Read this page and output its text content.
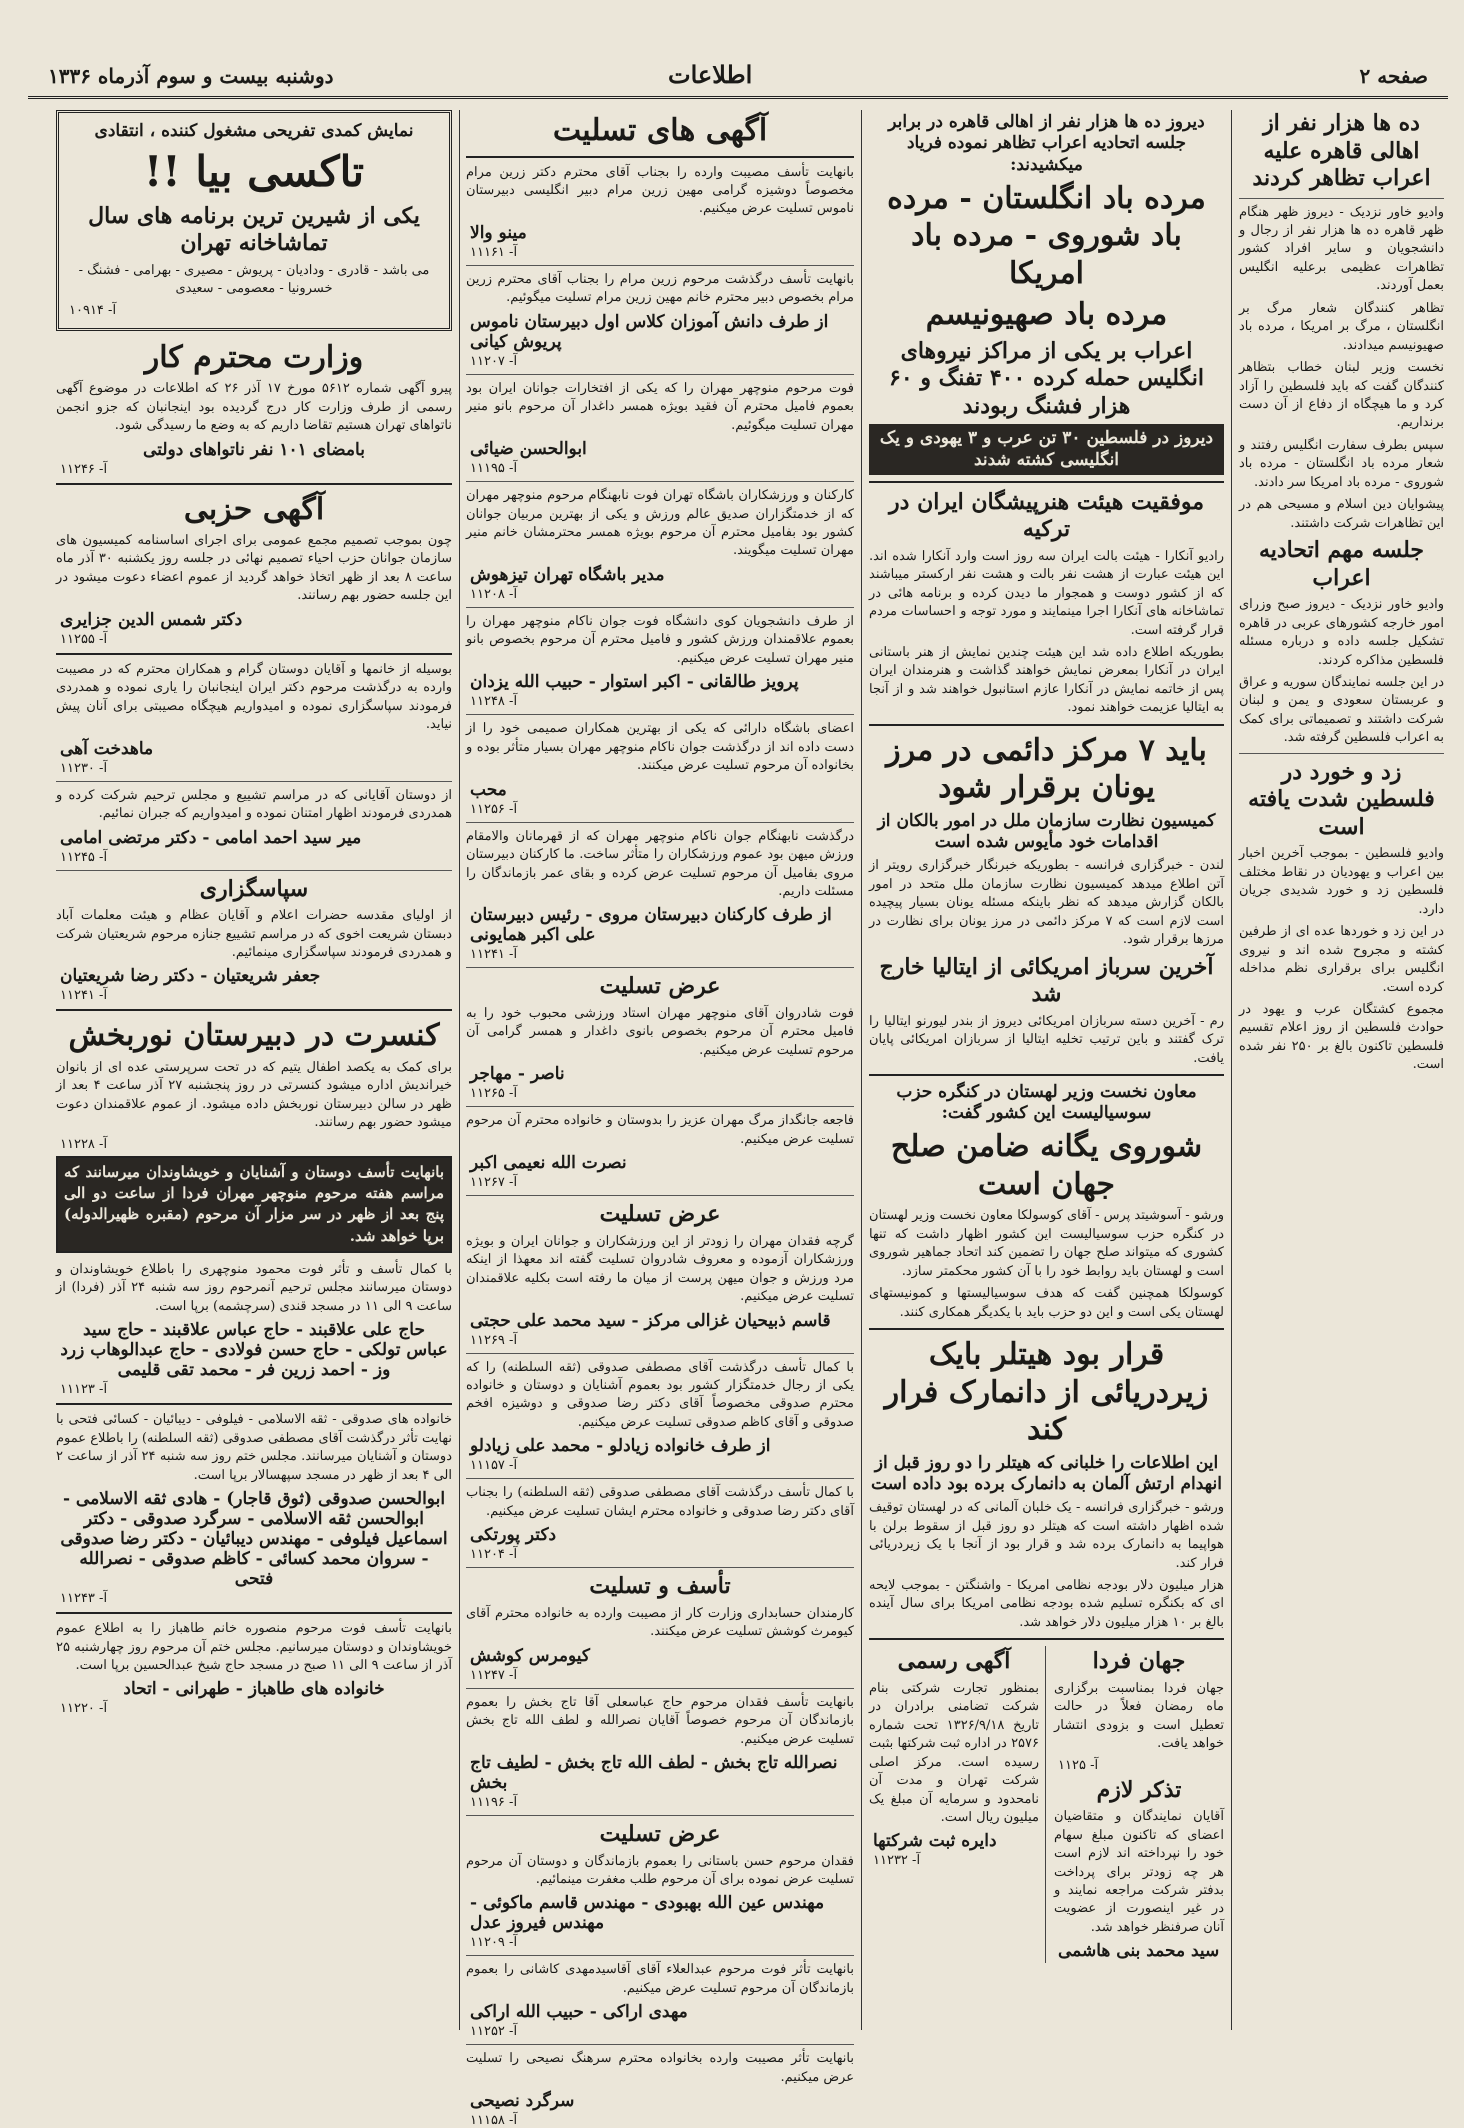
صفحه ۲
اطلاعات
دوشنبه بیست و سوم آذرماه ۱۳۳۶
ده ها هزار نفر از اهالی قاهره علیه اعراب تظاهر کردند

وادیو خاور نزدیک - دیروز ظهر هنگام ظهر قاهره ده ها هزار نفر از رجال و دانشجویان و سایر افراد کشور تظاهرات عظیمی برعلیه انگلیس بعمل آوردند.

تظاهر کنندگان شعار مرگ بر انگلستان ، مرگ بر امریکا ، مرده باد صهیونیسم میدادند.

نخست وزیر لبنان خطاب بتظاهر کنندگان گفت که باید فلسطین را آزاد کرد و ما هیچگاه از دفاع از آن دست برنداریم.

سپس بطرف سفارت انگلیس رفتند و شعار مرده باد انگلستان - مرده باد شوروی - مرده باد امریکا سر دادند.

پیشوایان دین اسلام و مسیحی هم در این تظاهرات شرکت داشتند.

جلسه مهم اتحادیه اعراب

وادیو خاور نزدیک - دیروز صبح وزرای امور خارجه کشورهای عربی در قاهره تشکیل جلسه داده و درباره مسئله فلسطین مذاکره کردند.

در این جلسه نمایندگان سوریه و عراق و عربستان سعودی و یمن و لبنان شرکت داشتند و تصمیماتی برای کمک به اعراب فلسطین گرفته شد.

زد و خورد در فلسطین شدت یافته است

وادیو فلسطین - بموجب آخرین اخبار بین اعراب و یهودیان در نقاط مختلف فلسطین زد و خورد شدیدی جریان دارد.

در این زد و خوردها عده ای از طرفین کشته و مجروح شده اند و نیروی انگلیس برای برقراری نظم مداخله کرده است.

مجموع کشتگان عرب و یهود در حوادث فلسطین از روز اعلام تقسیم فلسطین تاکنون بالغ بر ۲۵۰ نفر شده است.

دیروز ده ها هزار نفر از اهالی قاهره در برابر جلسه اتحادیه اعراب تظاهر نموده فریاد میکشیدند:
مرده باد انگلستان - مرده باد شوروی - مرده باد امریکا
مرده باد صهیونیسم
اعراب بر یکی از مراکز نیروهای انگلیس حمله کرده ۴۰۰ تفنگ و ۶۰ هزار فشنگ ربودند
دیروز در فلسطین ۳۰ تن عرب و ۳ یهودی و یک انگلیسی کشته شدند
موفقیت هیئت هنرپیشگان ایران در ترکیه

رادیو آنکارا - هیئت بالت ایران سه روز است وارد آنکارا شده اند. این هیئت عبارت از هشت نفر بالت و هشت نفر ارکستر میباشند که از کشور دوست و همجوار ما دیدن کرده و برنامه هائی در تماشاخانه های آنکارا اجرا مینمایند و مورد توجه و احساسات مردم قرار گرفته است.

بطوریکه اطلاع داده شد این هیئت چندین نمایش از هنر باستانی ایران در آنکارا بمعرض نمایش خواهند گذاشت و هنرمندان ایران پس از خاتمه نمایش در آنکارا عازم استانبول خواهند شد و از آنجا به ایتالیا عزیمت خواهند نمود.

باید ۷ مرکز دائمی در مرز یونان برقرار شود
کمیسیون نظارت سازمان ملل در امور بالکان از اقدامات خود مأیوس شده است

لندن - خبرگزاری فرانسه - بطوریکه خبرنگار خبرگزاری رویتر از آتن اطلاع میدهد کمیسیون نظارت سازمان ملل متحد در امور بالکان گزارش میدهد که نظر باینکه مسئله یونان بسیار پیچیده است لازم است که ۷ مرکز دائمی در مرز یونان برای نظارت در مرزها برقرار شود.

آخرین سرباز امریکائی از ایتالیا خارج شد

رم - آخرین دسته سربازان امریکائی دیروز از بندر لیورنو ایتالیا را ترک گفتند و باین ترتیب تخلیه ایتالیا از سربازان امریکائی پایان یافت.

معاون نخست وزیر لهستان در کنگره حزب سوسیالیست این کشور گفت:
شوروی یگانه ضامن صلح جهان است

ورشو - آسوشیتد پرس - آقای کوسولکا معاون نخست وزیر لهستان در کنگره حزب سوسیالیست این کشور اظهار داشت که تنها کشوری که میتواند صلح جهان را تضمین کند اتحاد جماهیر شوروی است و لهستان باید روابط خود را با آن کشور محکمتر سازد.

کوسولکا همچنین گفت که هدف سوسیالیستها و کمونیستهای لهستان یکی است و این دو حزب باید با یکدیگر همکاری کنند.

قرار بود هیتلر بایک زیردریائی از دانمارک فرار کند
این اطلاعات را خلبانی که هیتلر را دو روز قبل از انهدام ارتش آلمان به دانمارک برده بود داده است

ورشو - خبرگزاری فرانسه - یک خلبان آلمانی که در لهستان توقیف شده اظهار داشته است که هیتلر دو روز قبل از سقوط برلن با هواپیما به دانمارک برده شد و قرار بود از آنجا با یک زیردریائی فرار کند.

هزار میلیون دلار بودجه نظامی امریکا - واشنگتن - بموجب لایحه ای که بکنگره تسلیم شده بودجه نظامی امریکا برای سال آینده بالغ بر ۱۰ هزار میلیون دلار خواهد شد.

جهان فردا

جهان فردا بمناسبت برگزاری ماه رمضان فعلاً در حالت تعطیل است و بزودی انتشار خواهد یافت.

آ- ۱۱۲۵
تذکر لازم

آقایان نمایندگان و متقاضیان اعضای که تاکنون مبلغ سهام خود را نپرداخته اند لازم است هر چه زودتر برای پرداخت بدفتر شرکت مراجعه نمایند و در غیر اینصورت از عضویت آنان صرفنظر خواهد شد.

سید محمد بنی هاشمی
آگهی رسمی

بمنظور تجارت شرکتی بنام شرکت تضامنی برادران در تاریخ ۱۳۲۶/۹/۱۸ تحت شماره ۲۵۷۶ در اداره ثبت شرکتها بثبت رسیده است. مرکز اصلی شرکت تهران و مدت آن نامحدود و سرمایه آن مبلغ یک میلیون ریال است.

دایره ثبت شرکتها
آ- ۱۱۲۳۲
آگهی های تسلیت

بانهایت تأسف مصیبت وارده را بجناب آقای محترم دکتر زرین مرام مخصوصاً دوشیزه گرامی مهین زرین مرام دبیر انگلیسی دبیرستان ناموس تسلیت عرض میکنیم.

مینو والا
آ- ۱۱۱۶۱

بانهایت تأسف درگذشت مرحوم زرین مرام را بجناب آقای محترم زرین مرام بخصوص دبیر محترم خانم مهین زرین مرام تسلیت میگوئیم.

از طرف دانش آموزان کلاس اول دبیرستان ناموس پریوش کیانی
آ- ۱۱۲۰۷

فوت مرحوم منوچهر مهران را که یکی از افتخارات جوانان ایران بود بعموم فامیل محترم آن فقید بویژه همسر داغدار آن مرحوم بانو منیر مهران تسلیت میگوئیم.

ابوالحسن ضیائی
آ- ۱۱۱۹۵

کارکنان و ورزشکاران باشگاه تهران فوت نابهنگام مرحوم منوچهر مهران که از خدمتگزاران صدیق عالم ورزش و یکی از بهترین مربیان جوانان کشور بود بفامیل محترم آن مرحوم بویژه همسر محترمشان خانم منیر مهران تسلیت میگویند.

مدیر باشگاه تهران تیزهوش
آ- ۱۱۲۰۸

از طرف دانشجویان کوی دانشگاه فوت جوان ناکام منوچهر مهران را بعموم علاقمندان ورزش کشور و فامیل محترم آن مرحوم بخصوص بانو منیر مهران تسلیت عرض میکنیم.

پرویز طالقانی - اکبر استوار - حبیب الله یزدان
آ- ۱۱۲۴۸

اعضای باشگاه دارائی که یکی از بهترین همکاران صمیمی خود را از دست داده اند از درگذشت جوان ناکام منوچهر مهران بسیار متأثر بوده و بخانواده آن مرحوم تسلیت عرض میکنند.

محب
آ- ۱۱۲۵۶

درگذشت نابهنگام جوان ناکام منوچهر مهران که از قهرمانان والامقام ورزش میهن بود عموم ورزشکاران را متأثر ساخت. ما کارکنان دبیرستان مروی بفامیل آن مرحوم تسلیت عرض کرده و بقای عمر بازماندگان را مسئلت داریم.

از طرف کارکنان دبیرستان مروی - رئیس دبیرستان علی اکبر همایونی
آ- ۱۱۲۴۱
عرض تسلیت

فوت شادروان آقای منوچهر مهران استاد ورزشی محبوب خود را به فامیل محترم آن مرحوم بخصوص بانوی داغدار و همسر گرامی آن مرحوم تسلیت عرض میکنیم.

ناصر - مهاجر
آ- ۱۱۲۶۵

فاجعه جانگداز مرگ مهران عزیز را بدوستان و خانواده محترم آن مرحوم تسلیت عرض میکنیم.

نصرت الله نعیمی اکبر
آ- ۱۱۲۶۷
عرض تسلیت

گرچه فقدان مهران را زودتر از این ورزشکاران و جوانان ایران و بویژه ورزشکاران آزموده و معروف شادروان تسلیت گفته اند معهذا از اینکه مرد ورزش و جوان میهن پرست از میان ما رفته است بکلیه علاقمندان تسلیت عرض میکنیم.

قاسم ذبیحیان غزالی مرکز - سید محمد علی حجتی
آ- ۱۱۲۶۹

با کمال تأسف درگذشت آقای مصطفی صدوقی (ثقه السلطنه) را که یکی از رجال خدمتگزار کشور بود بعموم آشنایان و دوستان و خانواده محترم صدوقی مخصوصاً آقای دکتر رضا صدوقی و دوشیزه افخم صدوقی و آقای کاظم صدوقی تسلیت عرض میکنیم.

از طرف خانواده زیادلو - محمد علی زیادلو
آ- ۱۱۱۵۷

با کمال تأسف درگذشت آقای مصطفی صدوقی (ثقه السلطنه) را بجناب آقای دکتر رضا صدوقی و خانواده محترم ایشان تسلیت عرض میکنیم.

دکتر پورتکی
آ- ۱۱۲۰۴
تأسف و تسلیت

کارمندان حسابداری وزارت کار از مصیبت وارده به خانواده محترم آقای کیومرث کوشش تسلیت عرض میکنند.

کیومرس کوشش
آ- ۱۱۲۴۷

بانهایت تأسف فقدان مرحوم حاج عباسعلی آقا تاج بخش را بعموم بازماندگان آن مرحوم خصوصاً آقایان نصرالله و لطف الله تاج بخش تسلیت عرض میکنیم.

نصرالله تاج بخش - لطف الله تاج بخش - لطیف تاج بخش
آ- ۱۱۱۹۶
عرض تسلیت

فقدان مرحوم حسن باستانی را بعموم بازماندگان و دوستان آن مرحوم تسلیت عرض نموده برای آن مرحوم طلب مغفرت مینمائیم.

مهندس عین الله بهبودی - مهندس قاسم ماکوئی - مهندس فیروز عدل
آ- ۱۱۲۰۹

بانهایت تأثر فوت مرحوم عبدالعلاء آقای آقاسیدمهدی کاشانی را بعموم بازماندگان آن مرحوم تسلیت عرض میکنیم.

مهدی اراکی - حبیب الله اراکی
آ- ۱۱۲۵۲

بانهایت تأثر مصیبت وارده بخانواده محترم سرهنگ نصیحی را تسلیت عرض میکنیم.

سرگرد نصیحی
آ- ۱۱۱۵۸
نمایش کمدی تفریحی مشغول کننده ، انتقادی
تاکسی بیا !!
یکی از شیرین ترین برنامه های سال تماشاخانه تهران

می باشد - قادری - ودادیان - پریوش - مصیری - بهرامی - فشنگ - خسرونیا - معصومی - سعیدی

آ- ۱۰۹۱۴
وزارت محترم کار

پیرو آگهی شماره ۵۶۱۲ مورخ ۱۷ آذر ۲۶ که اطلاعات در موضوع آگهی رسمی از طرف وزارت کار درج گردیده بود اینجانبان که جزو انجمن ناتواهای تهران هستیم تقاضا داریم که به وضع ما رسیدگی شود.

بامضای ۱۰۱ نفر ناتواهای دولتی
آ- ۱۱۲۴۶
آگهی حزبی

چون بموجب تصمیم مجمع عمومی برای اجرای اساسنامه کمیسیون های سازمان جوانان حزب احیاء تصمیم نهائی در جلسه روز یکشنبه ۳۰ آذر ماه ساعت ۸ بعد از ظهر اتخاذ خواهد گردید از عموم اعضاء دعوت میشود در این جلسه حضور بهم رسانند.

دکتر شمس الدین جزایری
آ- ۱۱۲۵۵

بوسیله از خانمها و آقایان دوستان گرام و همکاران محترم که در مصیبت وارده به درگذشت مرحوم دکتر ایران اینجانبان را یاری نموده و همدردی فرمودند سپاسگزاری نموده و امیدواریم هیچگاه مصیبتی برای آنان پیش نیاید.

ماهدخت آهی
آ- ۱۱۲۳۰

از دوستان آقایانی که در مراسم تشییع و مجلس ترحیم شرکت کرده و همدردی فرمودند اظهار امتنان نموده و امیدواریم که جبران نمائیم.

میر سید احمد امامی - دکتر مرتضی امامی
آ- ۱۱۲۴۵
سپاسگزاری

از اولیای مقدسه حضرات اعلام و آقایان عظام و هیئت معلمات آباد دبستان شریعت اخوی که در مراسم تشییع جنازه مرحوم شریعتیان شرکت و همدردی فرمودند سپاسگزاری مینمائیم.

جعفر شریعتیان - دکتر رضا شریعتیان
آ- ۱۱۲۴۱
کنسرت در دبیرستان نوربخش

برای کمک به یکصد اطفال یتیم که در تحت سرپرستی عده ای از بانوان خیراندیش اداره میشود کنسرتی در روز پنجشنبه ۲۷ آذر ساعت ۴ بعد از ظهر در سالن دبیرستان نوربخش داده میشود. از عموم علاقمندان دعوت میشود حضور بهم رسانند.

آ- ۱۱۲۲۸

بانهایت تأسف دوستان و آشنایان و خویشاوندان میرسانند که مراسم هفته مرحوم منوچهر مهران فردا از ساعت دو الی پنج بعد از ظهر در سر مزار آن مرحوم (مقبره ظهیرالدوله) برپا خواهد شد.

با کمال تأسف و تأثر فوت محمود منوچهری را باطلاع خویشاوندان و دوستان میرسانند مجلس ترحیم آنمرحوم روز سه شنبه ۲۴ آذر (فردا) از ساعت ۹ الی ۱۱ در مسجد قندی (سرچشمه) برپا است.

حاج علی علاقبند - حاج عباس علاقبند - حاج سید عباس تولکی - حاج حسن فولادی - حاج عبدالوهاب زرد وز - احمد زرین فر - محمد تقی قلیمی
آ- ۱۱۱۲۳

خانواده های صدوقی - ثقه الاسلامی - فیلوفی - دیبائیان - کسائی فتحی با نهایت تأثر درگذشت آقای مصطفی صدوقی (ثقه السلطنه) را باطلاع عموم دوستان و آشنایان میرسانند. مجلس ختم روز سه شنبه ۲۴ آذر از ساعت ۲ الی ۴ بعد از ظهر در مسجد سپهسالار برپا است.

ابوالحسن صدوقی (ثوق قاجار) - هادی ثقه الاسلامی - ابوالحسن ثقه الاسلامی - سرگرد صدوقی - دکتر اسماعیل فیلوفی - مهندس دیبائیان - دکتر رضا صدوقی - سروان محمد کسائی - کاظم صدوقی - نصرالله فتحی
آ- ۱۱۲۴۳

بانهایت تأسف فوت مرحوم منصوره خانم طاهباز را به اطلاع عموم خویشاوندان و دوستان میرسانیم. مجلس ختم آن مرحوم روز چهارشنبه ۲۵ آذر از ساعت ۹ الی ۱۱ صبح در مسجد حاج شیخ عبدالحسین برپا است.

خانواده های طاهباز - طهرانی - اتحاد
آ- ۱۱۲۲۰
